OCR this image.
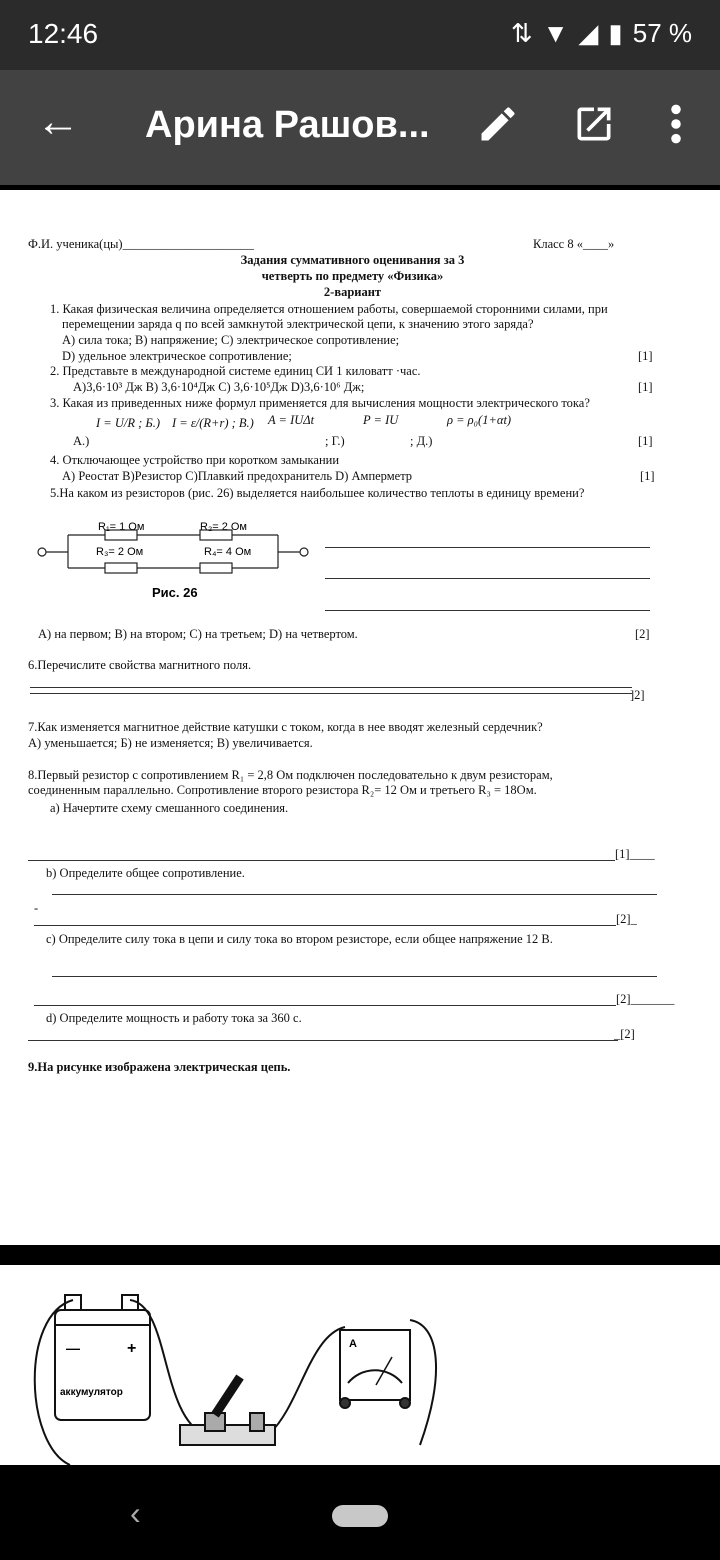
12:46	⇅ ▼ ◢ ▮ 57 %
← Арина Рашов...
Ф.И. ученика(цы)_____________________	Класс 8 «____»
Задания суммативного оценивания за 3
четверть по предмету «Физика»
2-вариант
1. Какая физическая величина определяется отношением работы, совершаемой сторонними силами, при
перемещении заряда q по всей замкнутой электрической цепи, к значению этого заряда?
А) сила тока; В) напряжение; С) электрическое сопротивление;
D) удельное электрическое сопротивление;	[1]
2. Представьте в международной системе единиц СИ 1 киловатт ·час.
А)3,6·10³ Дж В) 3,6·10⁴Дж С) 3,6·10⁵Дж D)3,6·10⁶ Дж;	[1]
3. Какая из приведенных ниже формул применяется для вычисления мощности электрического тока?
I = U/R ; Б.) I = ε/(R+r) ; В.) A = IUΔt	P = IU	ρ = ρ₀(1+αt)
А.)	; Г.)	; Д.)	[1]
4. Отключающее устройство при коротком замыкании
А) Реостат В)Резистор С)Плавкий предохранитель D) Амперметр	[1]
5.На каком из резисторов (рис. 26) выделяется наибольшее количество теплоты в единицу времени?
R₁= 1 Ом	R₂= 2 Ом
R₃= 2 Ом	R₄= 4 Ом
Рис. 26
А) на первом; В) на втором; С) на третьем; D) на четвертом.	[2]
6.Перечислите свойства магнитного поля.
]2]
7.Как изменяется магнитное действие катушки с током, когда в нее вводят железный сердечник?
А) уменьшается; Б) не изменяется; В) увеличивается.
8.Первый резистор с сопротивлением R₁ = 2,8 Ом подключен последовательно к двум резисторам,
соединенным параллельно. Сопротивление второго резистора R₂= 12 Ом и третьего R₃ = 18Ом.
а) Начертите схему смешанного соединения.
[1]____
b) Определите общее сопротивление.
-
[2]_
с) Определите силу тока в цепи и силу тока во втором резисторе, если общее напряжение 12 В.
[2]_______
d) Определите мощность и работу тока за 360 с.
_[2]
9.На рисунке изображена электрическая цепь.
аккумулятор
+
—	A
‹
